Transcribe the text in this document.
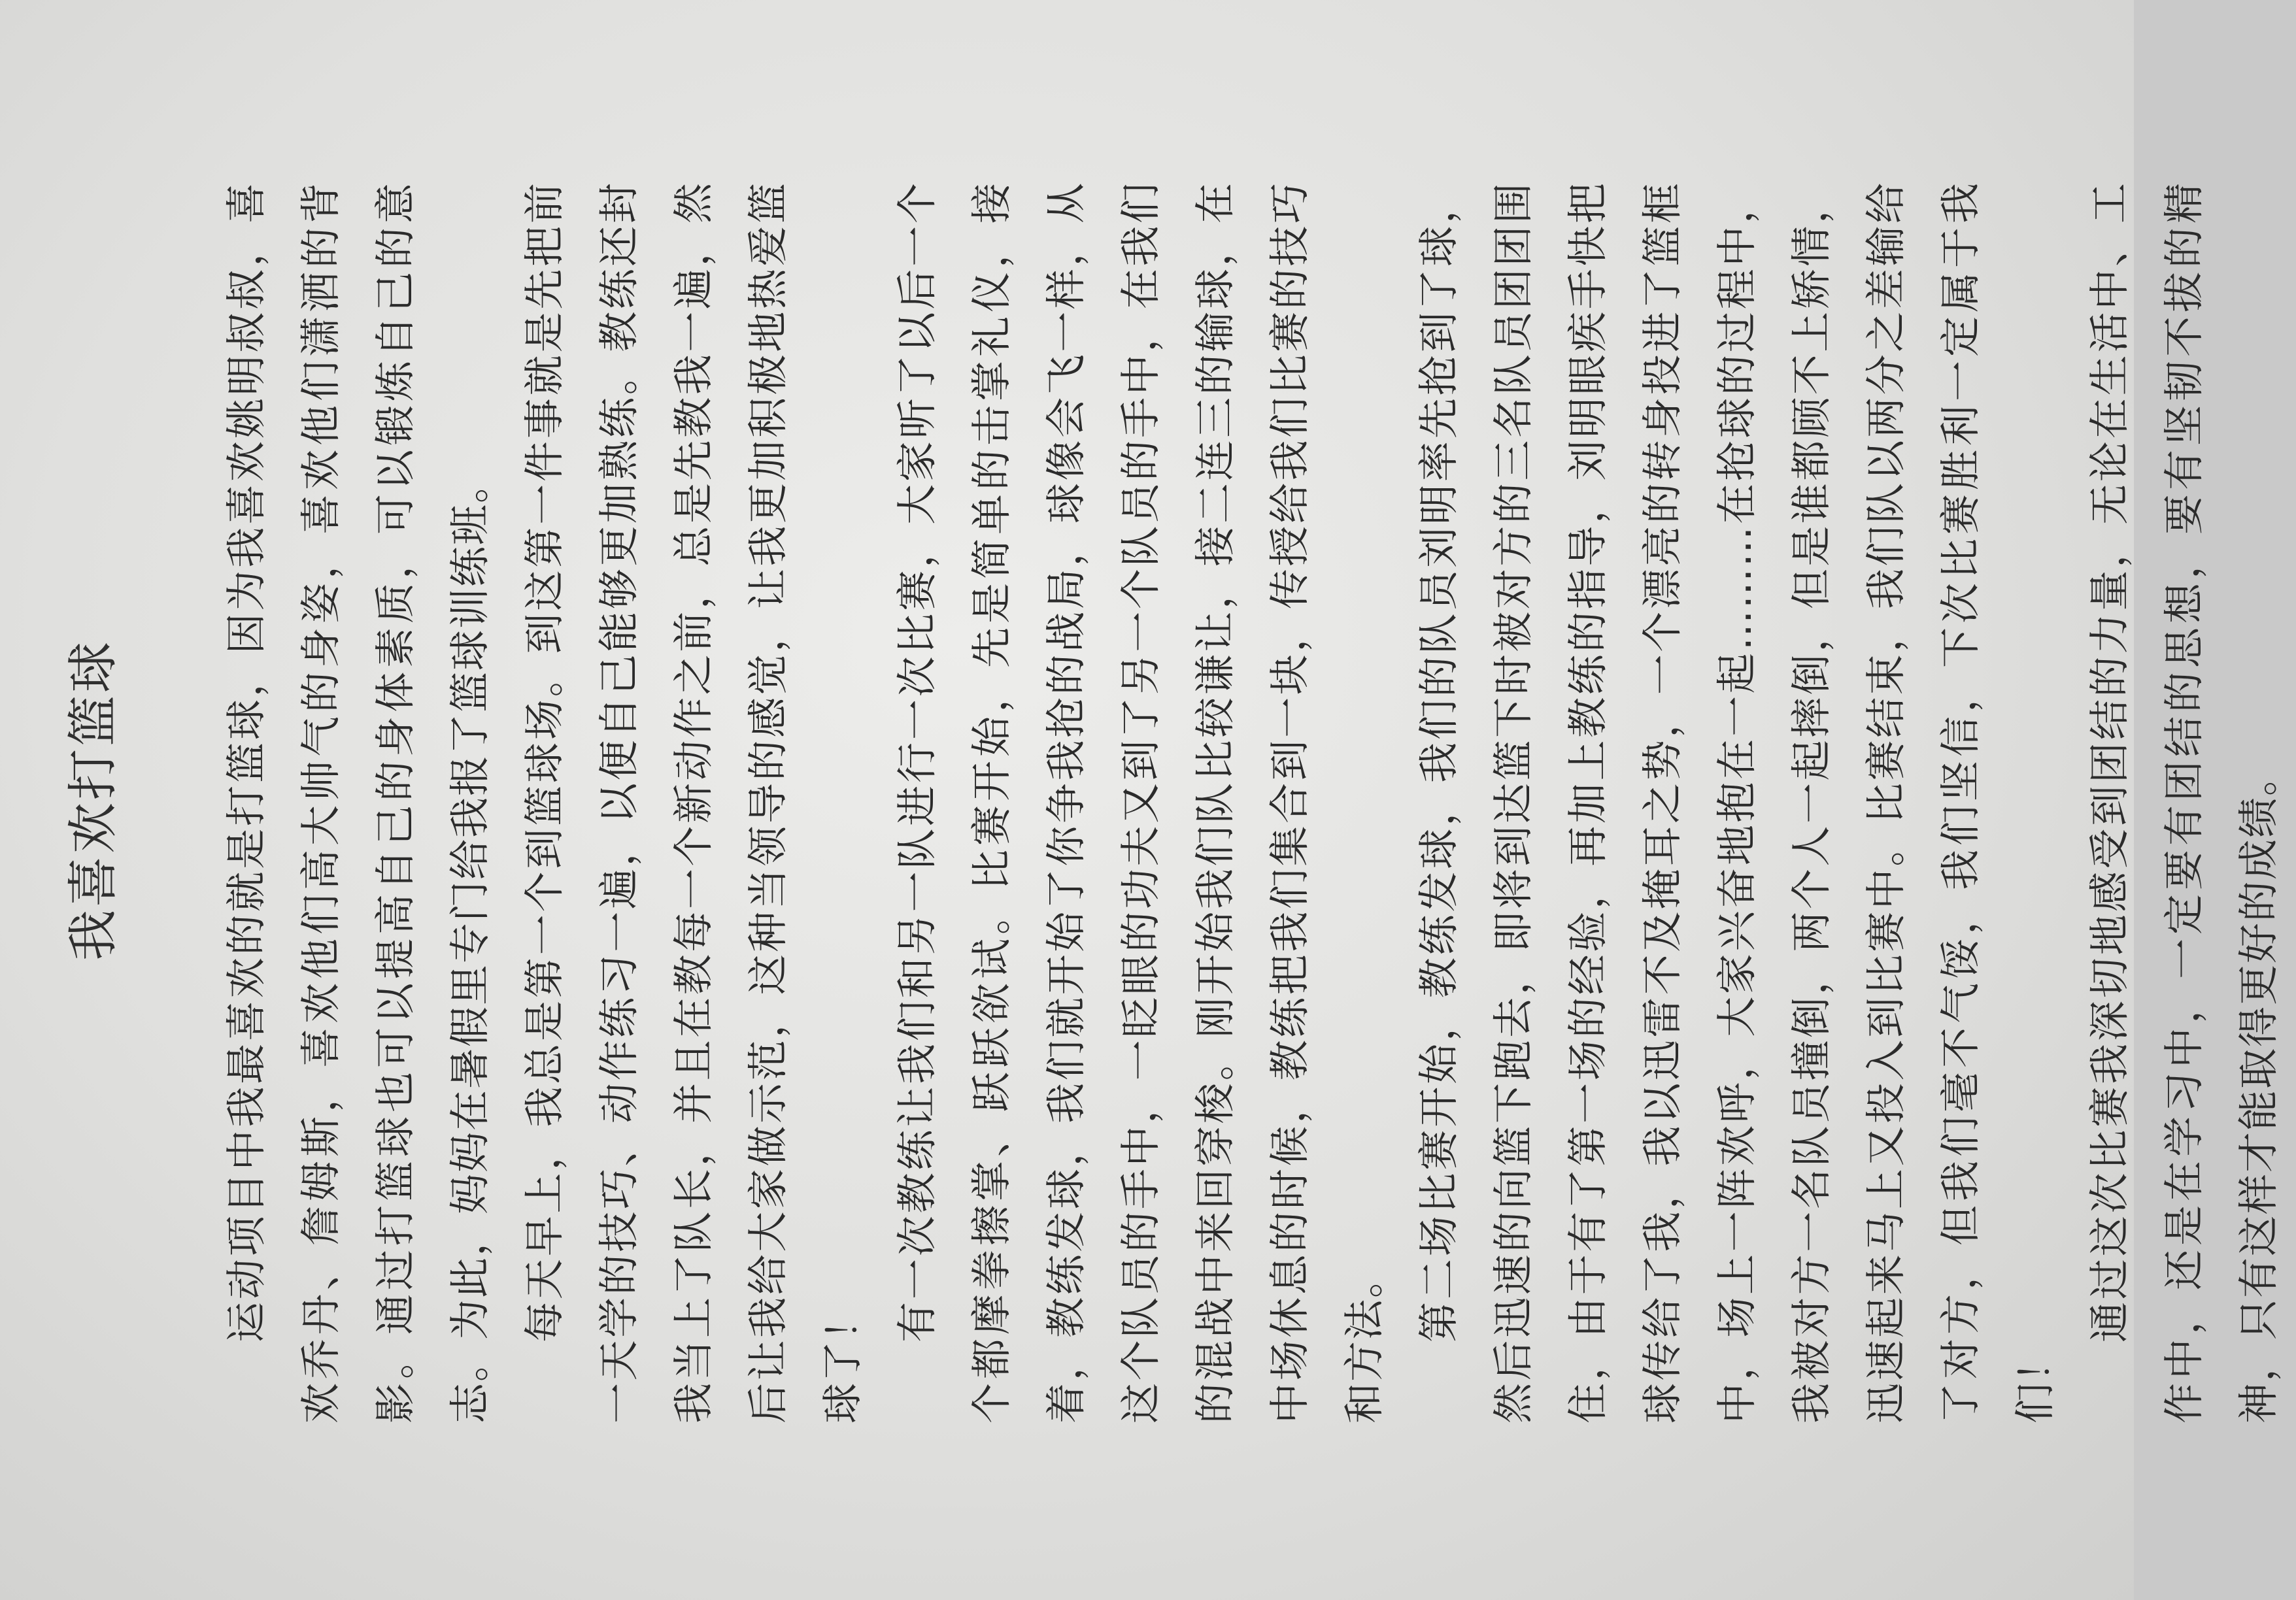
我喜欢打篮球	运动项目中我最喜欢的就是打篮球，因为我喜欢姚明叔叔，喜欢乔丹、詹姆斯，喜欢他们高大帅气的身姿，喜欢他们潇洒的背影。通过打篮球也可以提高自己的身体素质，可以锻炼自己的意志。为此，妈妈在暑假里专门给我报了篮球训练班。 每天早上，我总是第一个到篮球场。到这第一件事就是先把前一天学的技巧、动作练习一遍，以便自己能够更加熟练。教练还封我当上了队长，并且在教每一个新动作之前，总是先教我一遍，然后让我给大家做示范，这种当领导的感觉，让我更加积极地热爱篮球了！

有一次教练让我们和另一队进行一次比赛，大家听了以后一个个都摩拳擦掌、跃跃欲试。比赛开始，先是简单的击掌礼仪，接着，教练发球，我们就开始了你争我抢的战局，球像会飞一样，从这个队员的手中，一眨眼的功夫又到了另一个队员的手中，在我们的混战中来回穿梭。刚开始我们队比较谦让，接二连三的输球，在中场休息的时候，教练把我们集合到一块，传授给我们比赛的技巧和方法。 第二场比赛开始，教练发球，我们的队员刘明率先抢到了球，然后迅速的向篮下跑去，即将到达篮下时被对方的三名队员团团围住，由于有了第一场的经验，再加上教练的指导，刘明眼疾手快把球传给了我，我以迅雷不及掩耳之势，一个漂亮的转身投进了篮框中，场上一阵欢呼，大家兴奋地抱在一起………在抢球的过程中，我被对方一名队员撞倒，两个人一起摔倒，但是谁都顾不上矫情，迅速起来马上又投入到比赛中。比赛结束，我们队以两分之差输给了对方，但我们毫不气馁，我们坚信，下次比赛胜利一定属于我们！

通过这次比赛我深切地感受到团结的力量，无论在生活中、工作中，还是在学习中，一定要有团结的思想，要有坚韧不拔的精神，只有这样才能取得更好的成绩。
